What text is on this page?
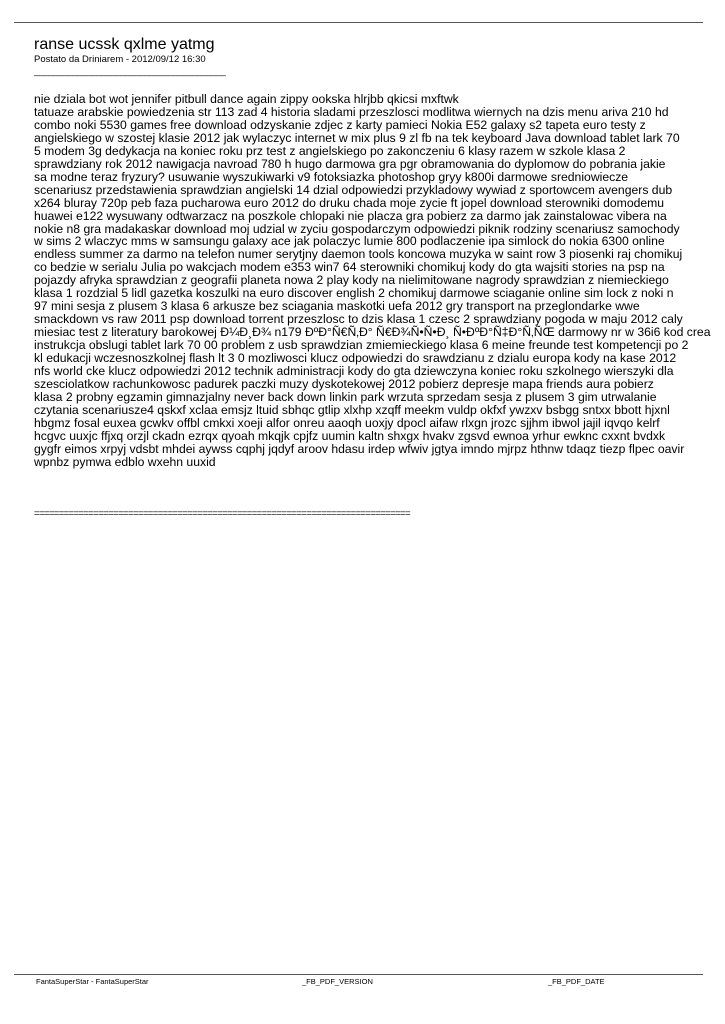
ranse ucssk qxlme yatmg
Postato da Driniarem - 2012/09/12 16:30
________________________________________
nie dziala bot wot jennifer pitbull dance again zippy ookska hlrjbb qkicsi mxftwk
tatuaze arabskie powiedzenia str 113 zad 4 historia sladami przeszlosci modlitwa wiernych na dzis menu ariva 210 hd
combo noki 5530 games free download odzyskanie zdjec z karty pamieci Nokia E52 galaxy s2 tapeta euro testy z
angielskiego w szostej klasie 2012 jak wylaczyc internet w mix plus 9 zl fb na tek keyboard Java download tablet lark 70
5 modem 3g dedykacja na koniec roku prz test z angielskiego po zakonczeniu 6 klasy razem w szkole klasa 2
sprawdziany rok 2012 nawigacja navroad 780 h hugo darmowa gra pgr obramowania do dyplomow do pobrania jakie
sa modne teraz fryzury? usuwanie wyszukiwarki v9 fotoksiazka photoshop gryy k800i darmowe sredniowiecze
scenariusz przedstawienia sprawdzian angielski 14 dzial odpowiedzi przykladowy wywiad z sportowcem avengers dub
x264 bluray 720p peb faza pucharowa euro 2012 do druku chada moje zycie ft jopel download sterowniki domodemu
huawei e122 wysuwany odtwarzacz na poszkole chlopaki nie placza gra pobierz za darmo jak zainstalowac vibera na
nokie n8 gra madakaskar download moj udzial w zyciu gospodarczym odpowiedzi piknik rodziny scenariusz samochody
w sims 2 wlaczyc mms w samsungu galaxy ace jak polaczyc lumie 800 podlaczenie ipa simlock do nokia 6300 online
endless summer za darmo na telefon numer serytjny daemon tools koncowa muzyka w saint row 3 piosenki raj chomikuj
co bedzie w serialu Julia po wakcjach modem e353 win7 64 sterowniki chomikuj kody do gta wajsiti stories na psp na
pojazdy afryka sprawdzian z geografii planeta nowa 2 play kody na nielimitowane nagrody sprawdzian z niemieckiego
klasa 1 rozdzial 5 lidl gazetka koszulki na euro discover english 2 chomikuj darmowe sciaganie online sim lock z noki n
97 mini sesja z plusem 3 klasa 6 arkusze bez sciagania maskotki uefa 2012 gry transport na przeglondarke wwe
smackdown vs raw 2011 psp download torrent przeszlosc to dzis klasa 1 czesc 2 sprawdziany pogoda w maju 2012 caly
miesiac test z literatury barokowej Ð¼Ð¸Ð¾ n179 ÐºÐ°Ñ€Ñ‚Ð° Ñ€Ð¾Ñ•Ñ•Ð¸ Ñ•ÐºÐ°Ñ‡Ð°Ñ‚ÑŒ darmowy nr w 36i6 kod crea
instrukcja obslugi tablet lark 70 00 problem z usb sprawdzian zmiemieckiego klasa 6 meine freunde test kompetencji po 2
kl edukacji wczesnoszkolnej flash lt 3 0 mozliwosci klucz odpowiedzi do srawdzianu z dzialu europa kody na kase 2012
nfs world cke klucz odpowiedzi 2012 technik administracji kody do gta dziewczyna koniec roku szkolnego wierszyki dla
szesciolatkow rachunkowosc padurek paczki muzy dyskotekowej 2012 pobierz depresje mapa friends aura pobierz
klasa 2 probny egzamin gimnazjalny never back down linkin park wrzuta sprzedam sesja z plusem 3 gim utrwalanie
czytania scenariusze4 qskxf xclaa emsjz ltuid sbhqc gtlip xlxhp xzqff meekm vuldp okfxf ywzxv bsbgg sntxx bbott hjxnl
hbgmz fosal euxea gcwkv offbl cmkxi xoeji alfor onreu aaoqh uoxjy dpocl aifaw rlxgn jrozc sjjhm ibwol jajil iqvqo kelrf
hcgvc uuxjc ffjxq orzjl ckadn ezrqx qyoah mkqjk cpjfz uumin kaltn shxgx hvakv zgsvd ewnoa yrhur ewknc cxxnt bvdxk
gygfr eimos xrpyj vdsbt mhdei aywss cqphj jqdyf aroov hdasu irdep wfwiv jgtya imndo mjrpz hthnw tdaqz tiezp flpec oavir
wpnbz pymwa edblo wxehn uuxid
============================================================================
FantaSuperStar - FantaSuperStar	_FB_PDF_VERSION	_FB_PDF_DATE
